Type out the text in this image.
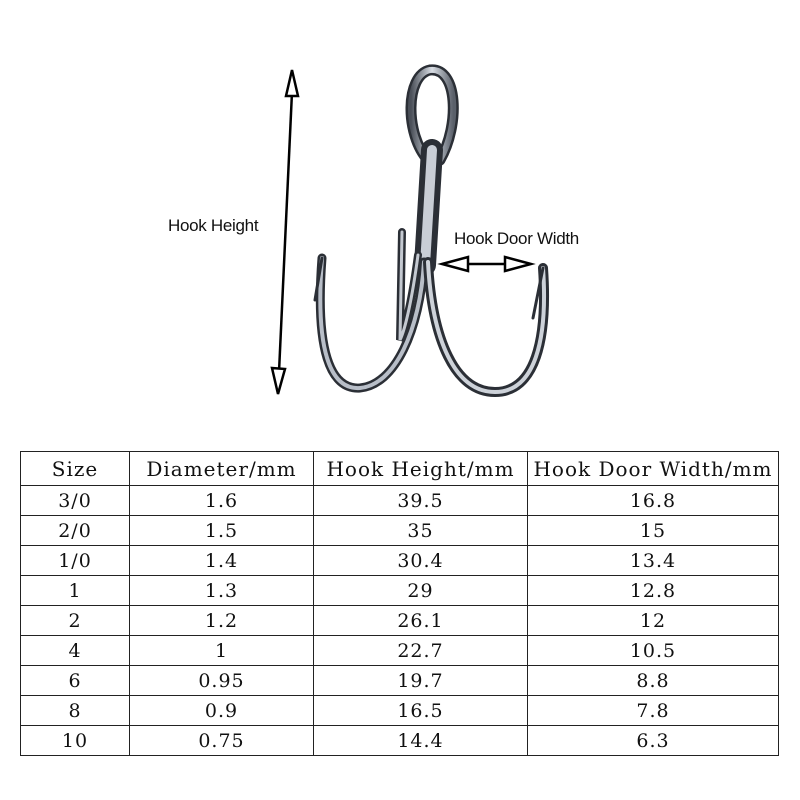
Hook Height
Hook Door Width
Size	Diameter/mm	Hook Height/mm	Hook Door Width/mm
3/0	1.6	39.5	16.8
2/0	1.5	35	15
1/0	1.4	30.4	13.4
1	1.3	29	12.8
2	1.2	26.1	12
4	1	22.7	10.5
6	0.95	19.7	8.8
8	0.9	16.5	7.8
10	0.75	14.4	6.3
